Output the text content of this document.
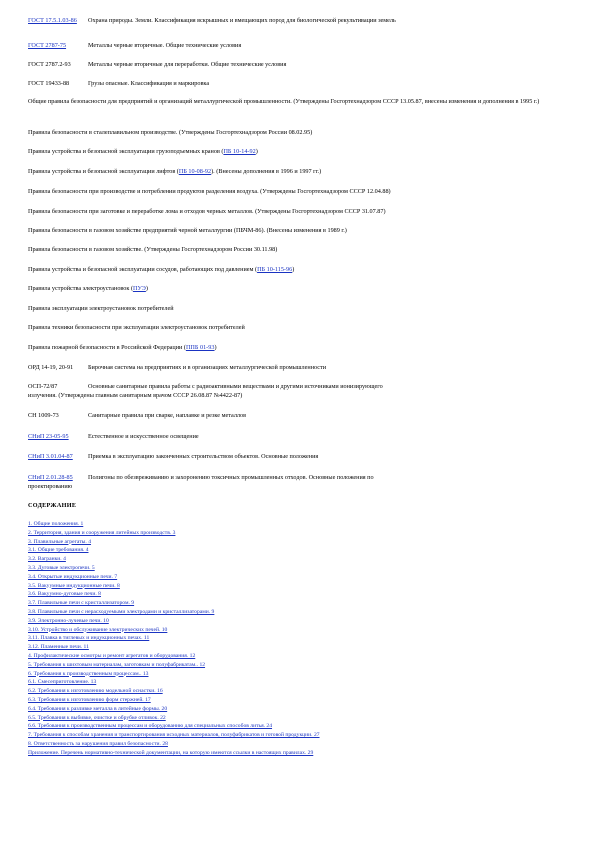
ГОСТ 17.5.1.03-86 Охрана природы. Земли. Классификация вскрышных и вмещающих пород для биологической рекультивации земель
ГОСТ 2787-75	Металлы черные вторичные. Общие технические условия
ГОСТ 2787.2-93	Металлы черные вторичные для переработки. Общие технические условия
ГОСТ 19433-88	Грузы опасные. Классификация и маркировка
Общие правила безопасности для предприятий и организаций металлургической промышленности. (Утверждены Госгортехнадзором СССР 13.05.87, внесены изменения и дополнения в 1995 г.)
Правила безопасности в сталеплавильном производстве. (Утверждены Госгортехнадзором России 08.02.95)
Правила устройства и безопасной эксплуатации грузоподъемных кранов (ПБ 10-14-92)
Правила устройства и безопасной эксплуатации лифтов (ПБ 10-08-92). (Внесены дополнения в 1996 и 1997 гг.)
Правила безопасности при производстве и потреблении продуктов разделения воздуха. (Утверждены Госгортехнадзором СССР 12.04.88)
Правила безопасности при заготовке и переработке лома и отходов черных металлов. (Утверждены Госгортехнадзором СССР 31.07.87)
Правила безопасности в газовом хозяйстве предприятий черной металлургии (ПБЧМ-86). (Внесены изменения в 1989 г.)
Правила безопасности в газовом хозяйстве. (Утверждены Госгортехнадзором России 30.11.98)
Правила устройства и безопасной эксплуатации сосудов, работающих под давлением (ПБ 10-115-96)
Правила устройства электроустановок (ПУЭ)
Правила эксплуатации электроустановок потребителей
Правила техники безопасности при эксплуатации электроустановок потребителей
Правила пожарной безопасности в Российской Федерации (ППБ 01-93)
ОРД 14-19, 20-91 Бирочная система на предприятиях и в организациях металлургической промышленности
ОСП-72/87	Основные санитарные правила работы с радиоактивными веществами и другими источниками ионизирующего
излучения. (Утверждены главным санитарным врачом СССР 26.08.87 №4422-87)
СН 1009-73	Санитарные правила при сварке, наплавке и резке металлов
СНиП 23-05-95	Естественное и искусственное освещение
СНиП 3.01.04-87 Приемка в эксплуатацию законченных строительством объектов. Основные положения
СНиП 2.01.28-85 Полигоны по обезвреживанию и захоронению токсичных промышленных отходов. Основные положения по
проектированию
СОДЕРЖАНИЕ
1. Общие положения. 1
2. Территория, здания и сооружения литейных производств. 3
3. Плавильные агрегаты. 4
3.1. Общие требования. 4
3.2. Вагранки. 4
3.3. Дуговые электропечи. 5
3.4. Открытые индукционные печи. 7
3.5. Вакуумные индукционные печи. 8
3.6. Вакуумно-дуговые печи. 8
3.7. Плавильные печи с кристаллизатором. 9
3.8. Плавильные печи с нерасходуемыми электродами и кристаллизаторами. 9
3.9. Электронно-лучевые печи. 10
3.10. Устройство и обслуживание электрических печей. 10
3.11. Плавка в тиглевых и индукционных печах. 11
3.12. Пламенные печи. 11
4. Профилактические осмотры и ремонт агрегатов и оборудования. 12
5. Требования к шихтовым материалам, заготовкам и полуфабрикатам.. 12
6. Требования к производственным процессам.. 13
6.1. Смесеприготовление. 13
6.2. Требования к изготовлению модельной оснастки. 16
6.3. Требования к изготовлению форм стержней. 17
6.4. Требования к разливке металла в литейные формы. 20
6.5. Требования к выбивке, очистке и обрубке отливок. 22
6.6. Требования к производственным процессам и оборудованию для специальных способов литья. 24
7. Требования к способам хранения и транспортирования исходных материалов, полуфабрикатов и готовой продукции. 27
8. Ответственность за нарушения правил безопасности. 28
Приложение. Перечень нормативно-технической документации, на которую имеются ссылки в настоящих правилах. 29
